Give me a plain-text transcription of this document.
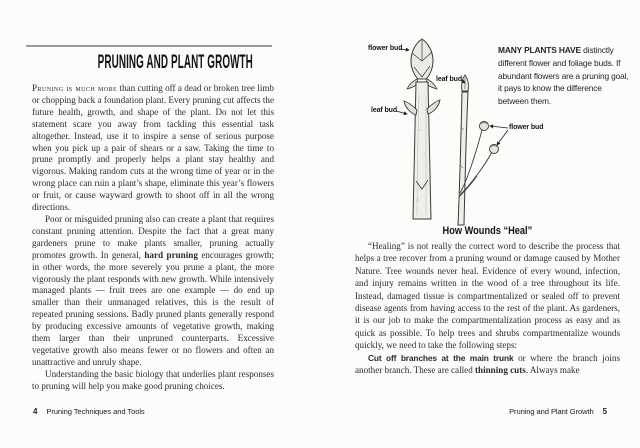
PRUNING AND PLANT GROWTH

Pruning is much more than cutting off a dead or broken tree limb or chopping back a foundation plant. Every pruning cut affects the future health, growth, and shape of the plant. Do not let this statement scare you away from tackling this essential task altogether. Instead, use it to inspire a sense of serious purpose when you pick up a pair of shears or a saw. Taking the time to prune promptly and properly helps a plant stay healthy and vigorous. Making random cuts at the wrong time of year or in the wrong place can ruin a plant’s shape, eliminate this year’s flowers or fruit, or cause wayward growth to shoot off in all the wrong directions.

Poor or misguided pruning also can create a plant that requires constant pruning attention. Despite the fact that a great many gardeners prune to make plants smaller, pruning actually promotes growth. In general, hard pruning encourages growth; in other words, the more severely you prune a plant, the more vigorously the plant responds with new growth. While intensively managed plants — fruit trees are one example — do end up smaller than their unmanaged relatives, this is the result of repeated pruning sessions. Badly pruned plants generally respond by producing excessive amounts of vegetative growth, making them larger than their unpruned counterparts. Excessive vegetative growth also means fewer or no flowers and often an unattractive and unruly shape.

Understanding the basic biology that underlies plant responses to pruning will help you make good pruning choices.

4 Pruning Techniques and Tools
flower bud
leaf bud
leaf bud
flower bud
MANY PLANTS HAVE distinctly different flower and foliage buds. If abundant flowers are a pruning goal, it pays to know the difference between them.
How Wounds “Heal”

“Healing” is not really the correct word to describe the process that helps a tree recover from a pruning wound or damage caused by Mother Nature. Tree wounds never heal. Evidence of every wound, infection, and injury remains written in the wood of a tree throughout its life. Instead, damaged tissue is compartmentalized or sealed off to prevent disease agents from having access to the rest of the plant. As gardeners, it is our job to make the compartmentalization process as easy and as quick as possible. To help trees and shrubs compartmentalize wounds quickly, we need to take the following steps:

Cut off branches at the main trunk or where the branch joins another branch. These are called thinning cuts. Always make

Pruning and Plant Growth 5
